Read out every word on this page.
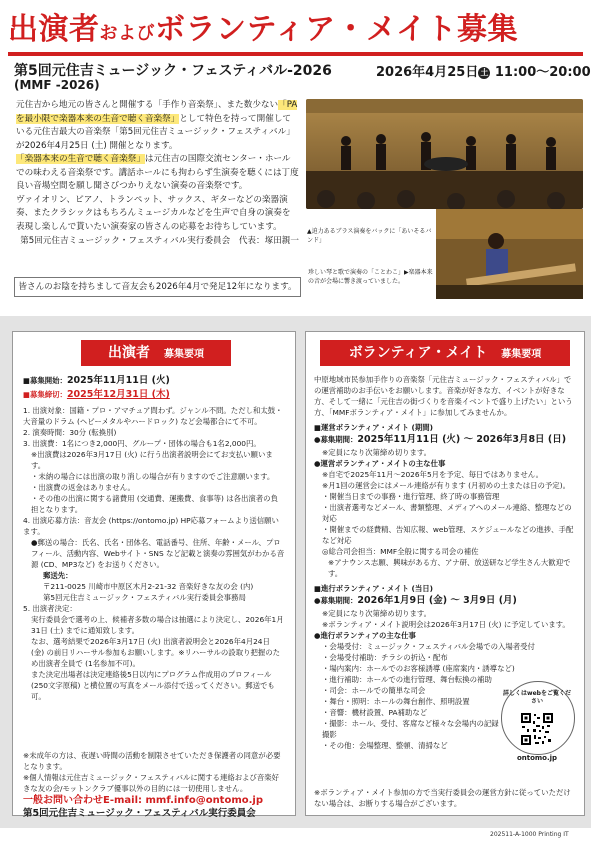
出演者およびボランティア・メイト募集
第5回元住吉ミュージック・フェスティバル-2026
(MMF -2026)
2026年4月25日 土 11:00～20:00

元住吉から地元の皆さんと開催する「手作り音楽祭」、また数少ない「PAを最小限で楽器本来の生音で聴く音楽祭」として特色を持って開催している元住吉最大の音楽祭「第5回元住吉ミュージック・フェスティバル」が2026年4月25日 (土) 開催となります。

「楽器本来の生音で聴く音楽祭」は元住吉の国際交流センター・ホールでの味わえる音楽祭です。講話ホールにも拘わらず生演奏を聴くには丁度良い音場空間を願し聞さびつかりえない演奏の音楽祭です。

ヴァイオリン、ピアノ、トランペット、サックス、ギターなどの楽器演奏、またクラシックはもちろんミュージカルなどを生声で自身の演奏を表現し楽しんで貰いたい演奏家の皆さんの応募をお待ちしています。

第5回元住吉ミュージック・フェスティバル実行委員会　代表：塚田親一

皆さんのお陰を持ちまして音友会も2026年4月で発足12年になります。
▲迫力あるブラス演奏をバックに「あいそるバンド」
珍しい琴と歌で演奏の「ことわこ」▶楽器本来の音が会場に響き渡っていました。
出演者　 募集要項

■募集開始：2025年11月11日 (火)

■募集締切：2025年12月31日 (木)

1. 出演対象：国籍・プロ・アマチュア問わず。ジャンル不問。ただし和太鼓・大音量のドラム (ヘビーメタルやハードロック) など会場都合にて不可。

2. 演奏時間：30分 (転換別)

3. 出演費：1名につき2,000円、グループ・団体の場合も1名2,000円。

※出演費は2026年3月17日 (火) に行う出演者説明会にてお支払い願います。

・未納の場合には出演の取り消しの場合が有りますのでご注意願います。

・出演費の返金はありません。

・その他の出演に関する諸費用 (交通費、運搬費、食事等) は各出演者の負担となります。

4. 出演応募方法：音友会 (https://ontomo.jp) HP応募フォームより送信願います。

●郵送の場合：氏名、氏名・団体名、電話番号、住所、年齢・メール、プロフィール、活動内容、Webサイト・SNS など記載と演奏の雰囲気がわかる音源 (CD、MP3など) をお送りください。

郵送先：

〒211-0025 川崎市中原区木月2-21-32 音楽好きな友の会 (内)

第5回元住吉ミュージック・フェスティバル実行委員会事務局

5. 出演者決定：

実行委員会で選考の上、候補者多数の場合は抽選により決定し、2026年1月31日 (土) までに通知致します。

なお、選考結果で2026年3月17日 (火) 出演者説明会と2026年4月24日 (金) の前日リハーサル参加もお願いします。※リハーサルの設取り把握のため出演者全員で (1名参加不可)。

また決定出場者は決定連絡後5日以内にプログラム作成用のプロフィール (250文字原稿) と横位置の写真をメール添付で送ってください。郵送でも可。

※未成年の方は、夜遅い時間の活動を制限させていただき保護者の同意が必要となります。

※個人情報は元住吉ミュージック・フェスティバルに関する連絡および音楽好きな友の会/モットンクラブ優事以外の目的には一切使用しません。

一般お問い合わせE-mail: mmf.info@ontomo.jp

第5回元住吉ミュージック・フェスティバル実行委員会

ボランティア・メイト　 募集要項

中原地域市民参加手作りの音楽祭「元住吉ミュージック・フェスティバル」での運営補助のお手伝いをお願いします。音楽が好きな方、イベントが好きな方、そして一緒に「元住吉の街づくりを音楽イベントで盛り上げたい」という方、「MMFボランティア・メイト」に参加してみませんか。

■運営ボランティア・メイト (期間)

●募集期間：2025年11月11日 (火) ～ 2026年3月8日 (日)

※定員になり次第締め切ります。

●運営ボランティア・メイトの主な仕事

※自宅で2025年11月～2026年5月を予定、毎日ではありません。

※月1回の運営会にはメール連絡が有ります (月初めの土または日の予定)。

・開催当日までの事務・進行管理、終了時の事務管理

・出演者選考などメール、書類整理、メディアへのメール連絡、整理などの対応

・開催までの経費精、告知広報、web管理、スケジュールなどの進捗、手配など対応

◎総合司会担当：MMF全般に関する司会の補佐

※アナウンス志願、興味がある方、アナ研、放送研など学生さん大歓迎です。

■進行ボランティア・メイト (当日)

●募集期間：2026年1月9日 (金) ～ 3月9日 (月)

※定員になり次第締め切ります。

※ボランティア・メイト説明会は2026年3月17日 (火) に予定しています。

●進行ボランティアの主な仕事

・会場受付：ミュージック・フェスティバル会場での入場者受付

・会場受付補助：チラシの折込・配布

・場内案内：ホールでのお客様誘導 (座席案内・誘導など)

・進行補助：ホールでの進行管理、舞台転換の補助

・司会：ホールでの簡単な司会

・舞台・照明：ホールの舞台創作、照明設置

・音響：機材設置、PA補助など

・撮影：ホール、受付、客席など様々な会場内の記録撮影

・その他：会場整理、整頓、清掃など

※ボランティア・メイト参加の方で当実行委員会の運営方針に従っていただけない場合は、お断りする場合がございます。
詳しくはwebをご覧ください
ontomo.jp
202511-A-1000 Printing IT
